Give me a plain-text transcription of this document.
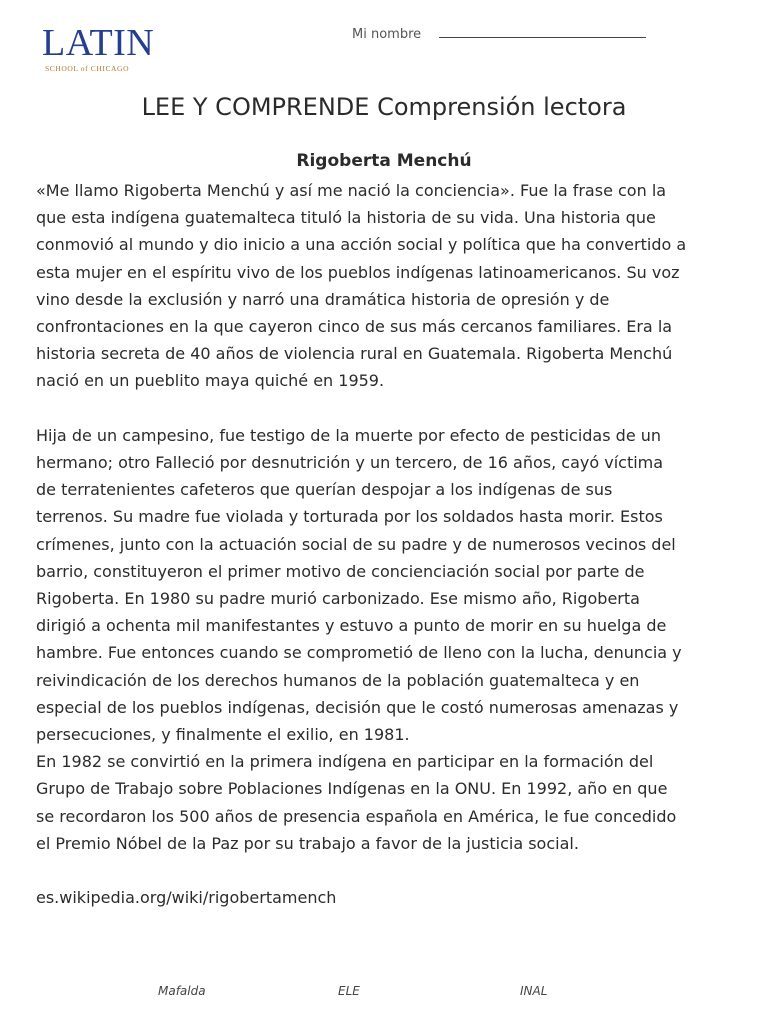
LATIN
SCHOOL of CHICAGO
Mi nombre
LEE Y COMPRENDE Comprensión lectora
Rigoberta Menchú

«Me llamo Rigoberta Menchú y así me nació la conciencia». Fue la frase con la

que esta indígena guatemalteca tituló la historia de su vida. Una historia que

conmovió al mundo y dio inicio a una acción social y política que ha convertido a

esta mujer en el espíritu vivo de los pueblos indígenas latinoamericanos. Su voz

vino desde la exclusión y narró una dramática historia de opresión y de

confrontaciones en la que cayeron cinco de sus más cercanos familiares. Era la

historia secreta de 40 años de violencia rural en Guatemala. Rigoberta Menchú

nació en un pueblito maya quiché en 1959.

Hija de un campesino, fue testigo de la muerte por efecto de pesticidas de un

hermano; otro Falleció por desnutrición y un tercero, de 16 años, cayó víctima

de terratenientes cafeteros que querían despojar a los indígenas de sus

terrenos. Su madre fue violada y torturada por los soldados hasta morir. Estos

crímenes, junto con la actuación social de su padre y de numerosos vecinos del

barrio, constituyeron el primer motivo de concienciación social por parte de

Rigoberta. En 1980 su padre murió carbonizado. Ese mismo año, Rigoberta

dirigió a ochenta mil manifestantes y estuvo a punto de morir en su huelga de

hambre. Fue entonces cuando se comprometió de lleno con la lucha, denuncia y

reivindicación de los derechos humanos de la población guatemalteca y en

especial de los pueblos indígenas, decisión que le costó numerosas amenazas y

persecuciones, y finalmente el exilio, en 1981.

En 1982 se convirtió en la primera indígena en participar en la formación del

Grupo de Trabajo sobre Poblaciones Indígenas en la ONU. En 1992, año en que

se recordaron los 500 años de presencia española en América, le fue concedido

el Premio Nóbel de la Paz por su trabajo a favor de la justicia social.

es.wikipedia.org/wiki/rigobertamench

Mafalda	ELE	INAL
